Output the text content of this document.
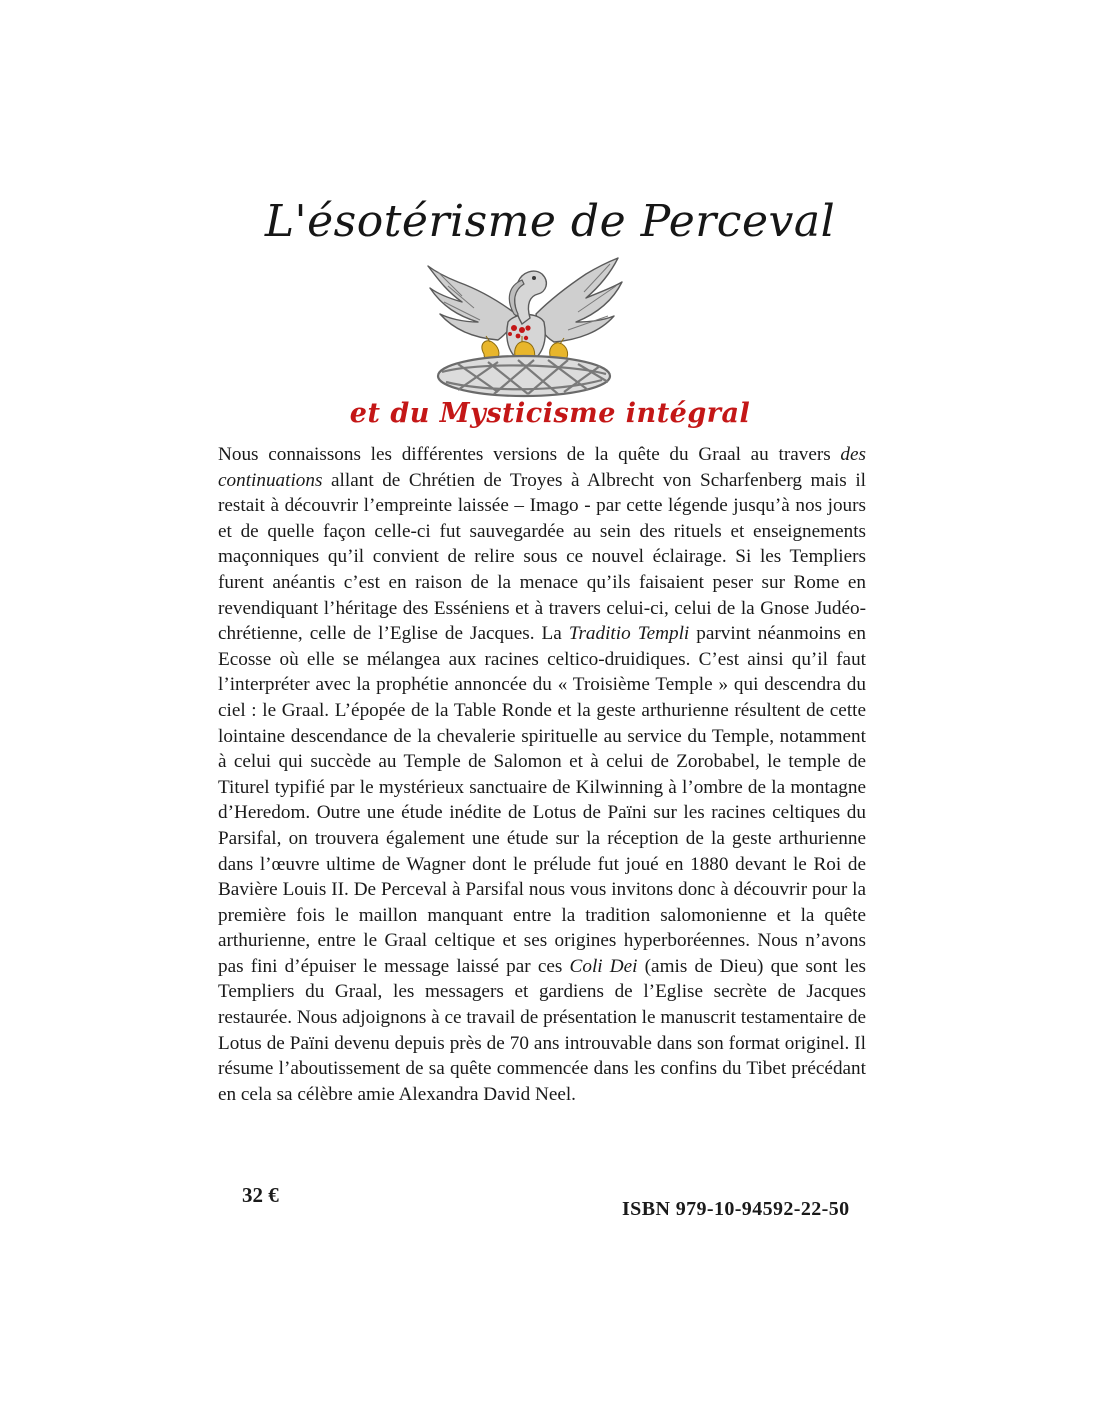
L'ésotérisme de Perceval
et du Mysticisme intégral

Nous connaissons les différentes versions de la quête du Graal au travers des continuations allant de Chrétien de Troyes à Albrecht von Scharfenberg mais il restait à découvrir l’empreinte laissée – Imago - par cette légende jusqu’à nos jours et de quelle façon celle-ci fut sauvegardée au sein des rituels et enseignements maçonniques qu’il convient de relire sous ce nouvel éclairage. Si les Templiers furent anéantis c’est en raison de la menace qu’ils faisaient peser sur Rome en revendiquant l’héritage des Esséniens et à travers celui-ci, celui de la Gnose Judéo-chrétienne, celle de l’Eglise de Jacques. La Traditio Templi parvint néanmoins en Ecosse où elle se mélangea aux racines celtico-druidiques. C’est ainsi qu’il faut l’interpréter avec la prophétie annoncée du « Troisième Temple » qui descendra du ciel : le Graal. L’épopée de la Table Ronde et la geste arthurienne résultent de cette lointaine descendance de la chevalerie spirituelle au service du Temple, notamment à celui qui succède au Temple de Salomon et à celui de Zorobabel, le temple de Titurel typifié par le mystérieux sanctuaire de Kilwinning à l’ombre de la montagne d’Heredom. Outre une étude inédite de Lotus de Païni sur les racines celtiques du Parsifal, on trouvera également une étude sur la réception de la geste arthurienne dans l’œuvre ultime de Wagner dont le prélude fut joué en 1880 devant le Roi de Bavière Louis II. De Perceval à Parsifal nous vous invitons donc à découvrir pour la première fois le maillon manquant entre la tradition salomonienne et la quête arthurienne, entre le Graal celtique et ses origines hyperboréennes. Nous n’avons pas fini d’épuiser le message laissé par ces Coli Dei (amis de Dieu) que sont les Templiers du Graal, les messagers et gardiens de l’Eglise secrète de Jacques restaurée. Nous adjoignons à ce travail de présentation le manuscrit testamentaire de Lotus de Païni devenu depuis près de 70 ans introuvable dans son format originel. Il résume l’aboutissement de sa quête commencée dans les confins du Tibet précédant en cela sa célèbre amie Alexandra David Neel.

32 €
ISBN 979-10-94592-22-50
